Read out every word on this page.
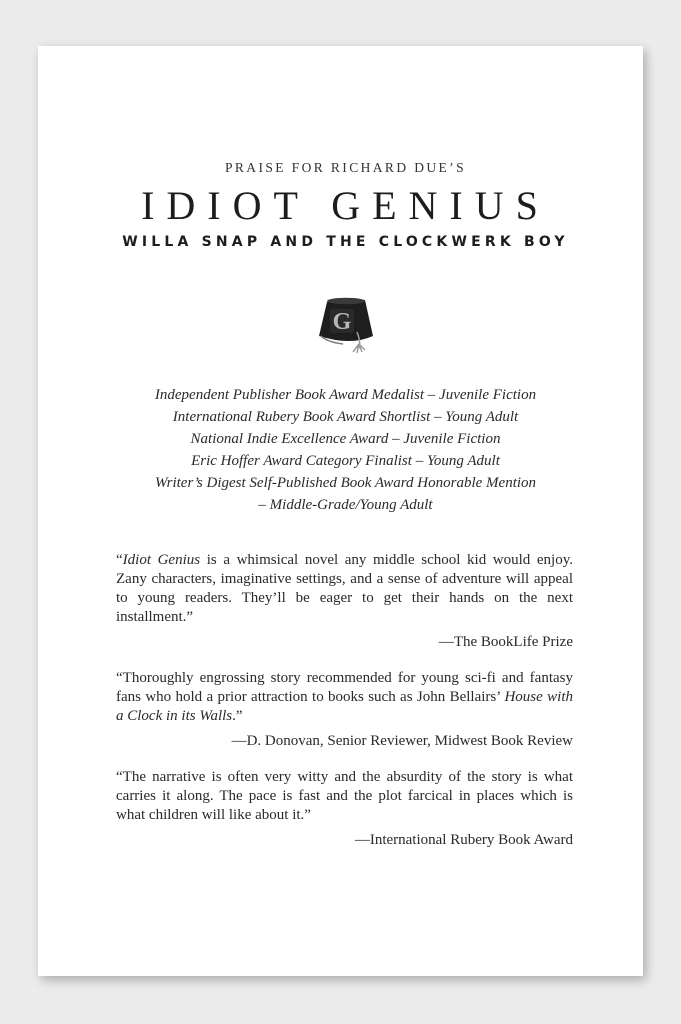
PRAISE FOR RICHARD DUE’S
IDIOT GENIUS
WILLA SNAP AND THE CLOCKWERK BOY
G
Independent Publisher Book Award Medalist – Juvenile Fiction
International Rubery Book Award Shortlist – Young Adult
National Indie Excellence Award – Juvenile Fiction
Eric Hoffer Award Category Finalist – Young Adult
Writer’s Digest Self-Published Book Award Honorable Mention
– Middle-Grade/Young Adult

“Idiot Genius is a whimsical novel any middle school kid would enjoy. Zany characters, imaginative settings, and a sense of adventure will appeal to young readers. They’ll be eager to get their hands on the next installment.”

—The BookLife Prize

“Thoroughly engrossing story recommended for young sci-fi and fantasy fans who hold a prior attraction to books such as John Bellairs’ House with a Clock in its Walls.”

—D. Donovan, Senior Reviewer, Midwest Book Review

“The narrative is often very witty and the absurdity of the story is what carries it along. The pace is fast and the plot farcical in places which is what children will like about it.”

—International Rubery Book Award
